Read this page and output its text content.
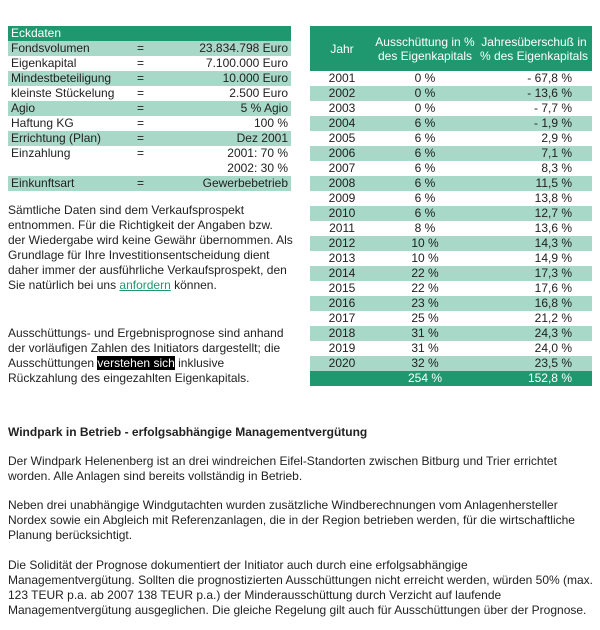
Eckdaten		
Fondsvolumen	=	23.834.798 Euro
Eigenkapital	=	7.100.000 Euro
Mindestbeteiligung	=	10.000 Euro
kleinste Stückelung	=	2.500 Euro
Agio	=	5 % Agio
Haftung KG	=	100 %
Errichtung (Plan)	=	Dez 2001
Einzahlung	=	2001: 70 %
		2002: 30 %
Einkunftsart	=	Gewerbebetrieb
Jahr	Ausschüttung in % des Eigenkapitals	Jahresüberschuß in % des Eigenkapitals
2001	0 %	- 67,8 %
2002	0 %	- 13,6 %
2003	0 %	- 7,7 %
2004	6 %	- 1,9 %
2005	6 %	2,9 %
2006	6 %	7,1 %
2007	6 %	8,3 %
2008	6 %	11,5 %
2009	6 %	13,8 %
2010	6 %	12,7 %
2011	8 %	13,6 %
2012	10 %	14,3 %
2013	10 %	14,9 %
2014	22 %	17,3 %
2015	22 %	17,6 %
2016	23 %	16,8 %
2017	25 %	21,2 %
2018	31 %	24,3 %
2019	31 %	24,0 %
2020	32 %	23,5 %
	254 %	152,8 %

Sämtliche Daten sind dem Verkaufsprospekt entnommen. Für die Richtigkeit der Angaben bzw. der Wiedergabe wird keine Gewähr übernommen. Als Grundlage für Ihre Investitionsentscheidung dient daher immer der ausführliche Verkaufsprospekt, den Sie natürlich bei uns anfordern können.

Ausschüttungs- und Ergebnisprognose sind anhand der vorläufigen Zahlen des Initiators dargestellt; die Ausschüttungen verstehen sich inklusive Rückzahlung des eingezahlten Eigenkapitals.

Windpark in Betrieb - erfolgsabhängige Managementvergütung

Der Windpark Helenenberg ist an drei windreichen Eifel-Standorten zwischen Bitburg und Trier errichtet worden. Alle Anlagen sind bereits vollständig in Betrieb.

Neben drei unabhängige Windgutachten wurden zusätzliche Windberechnungen vom Anlagenhersteller Nordex sowie ein Abgleich mit Referenzanlagen, die in der Region betrieben werden, für die wirtschaftliche Planung berücksichtigt.

Die Solidität der Prognose dokumentiert der Initiator auch durch eine erfolgsabhängige Managementvergütung. Sollten die prognostizierten Ausschüttungen nicht erreicht werden, würden 50% (max. 123 TEUR p.a. ab 2007 138 TEUR p.a.) der Minderausschüttung durch Verzicht auf laufende Managementvergütung ausgeglichen. Die gleiche Regelung gilt auch für Ausschüttungen über der Prognose.
